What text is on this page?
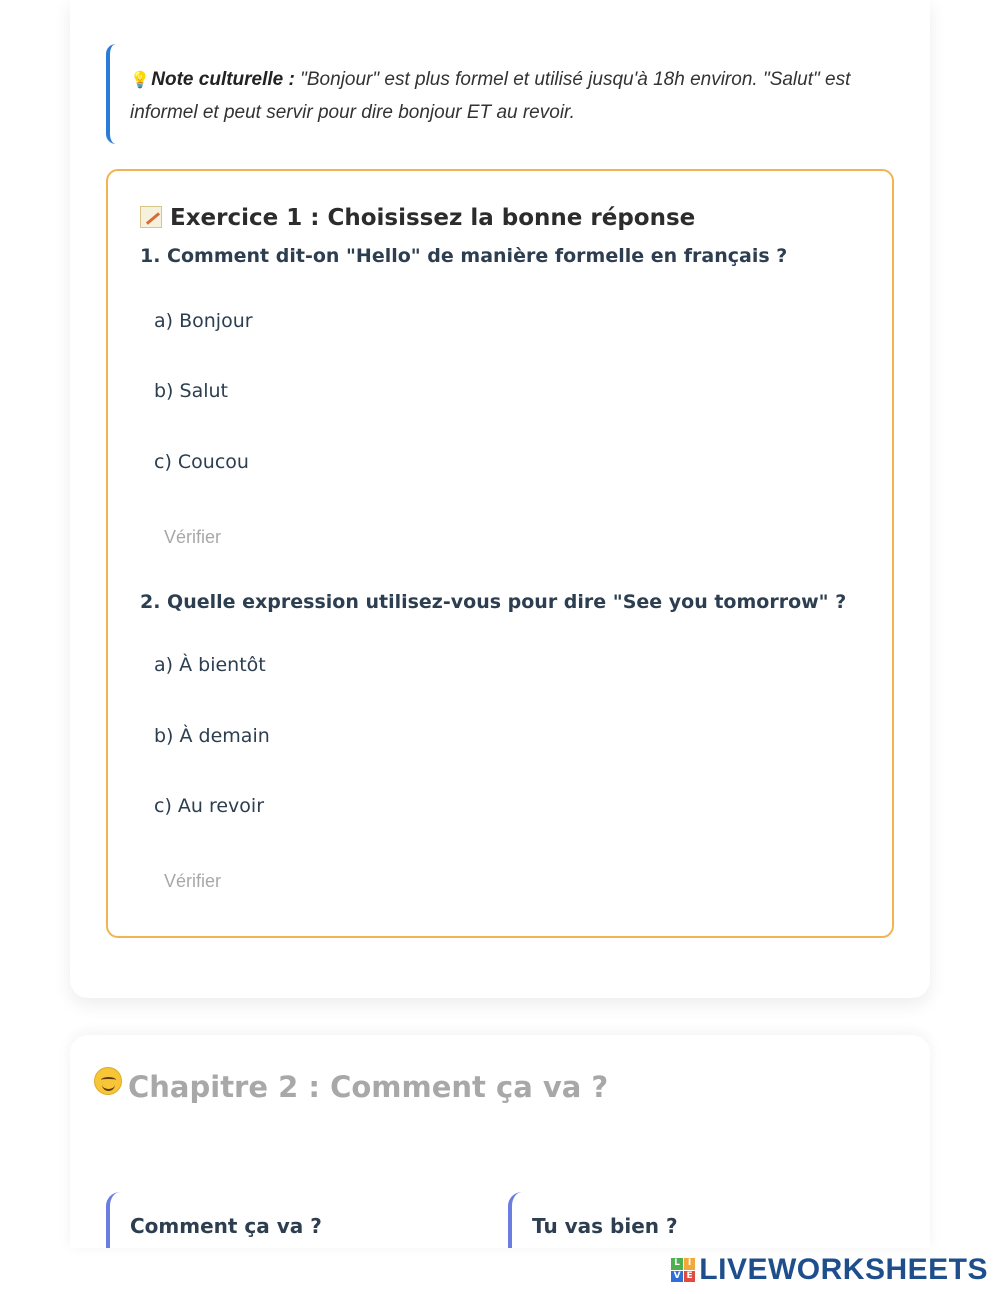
💡 Note culturelle : "Bonjour" est plus formel et utilisé jusqu'à 18h environ. "Salut" est informel et peut servir pour dire bonjour ET au revoir.
Exercice 1 : Choisissez la bonne réponse
1. Comment dit-on "Hello" de manière formelle en français ?
a) Bonjour
b) Salut
c) Coucou
Vérifier
2. Quelle expression utilisez-vous pour dire "See you tomorrow" ?
a) À bientôt
b) À demain
c) Au revoir
Vérifier
Chapitre 2 : Comment ça va ?
Comment ça va ?	Tu vas bien ?
L I
V E LIVEWORKSHEETS
